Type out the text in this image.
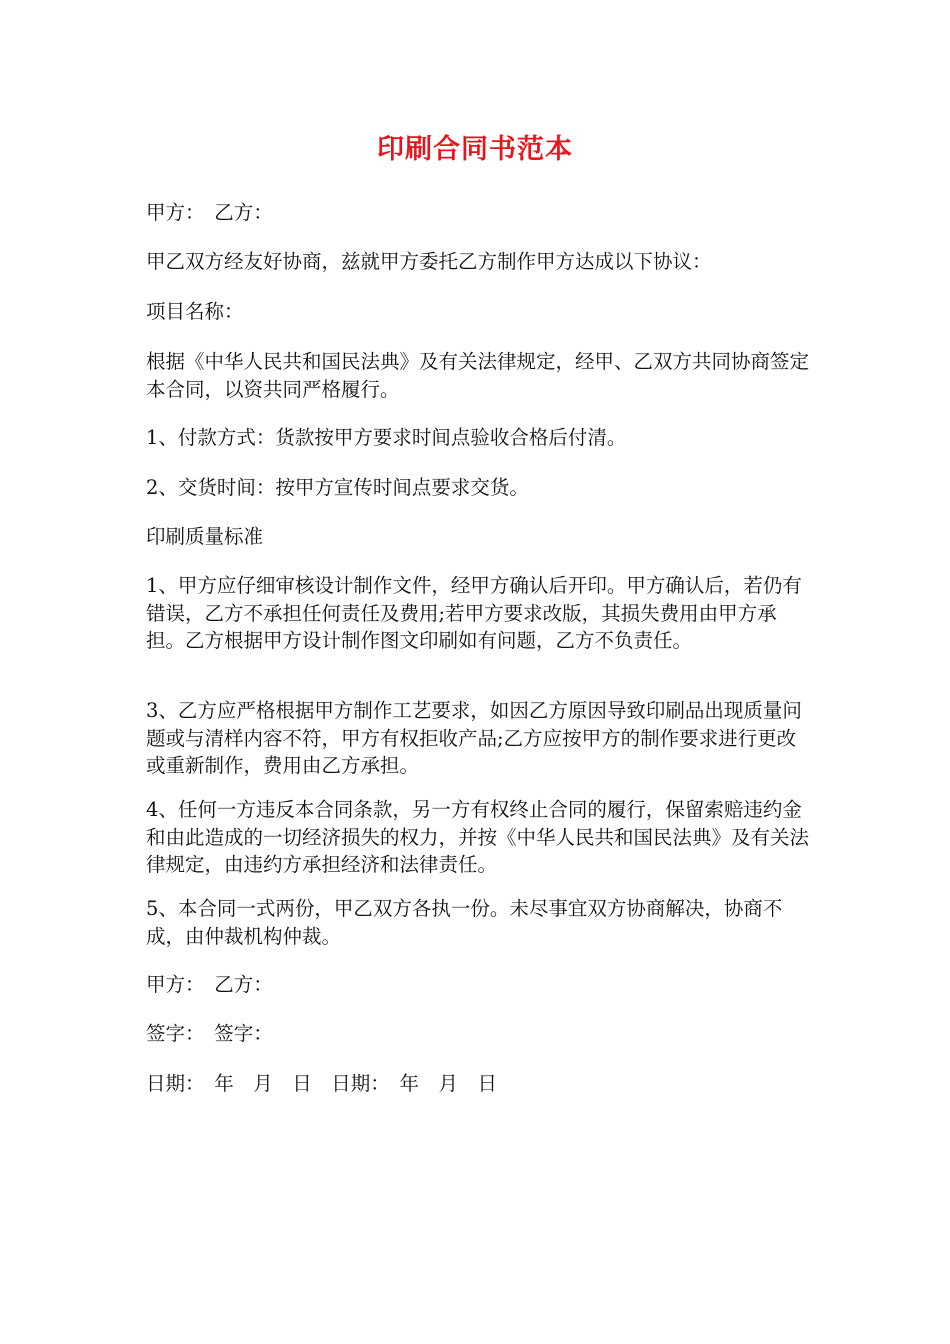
印刷合同书范本

甲方：　乙方：

甲乙双方经友好协商，兹就甲方委托乙方制作甲方达成以下协议：

项目名称：

根据《中华人民共和国民法典》及有关法律规定，经甲、乙双方共同协商签定本合同，以资共同严格履行。

1、付款方式：货款按甲方要求时间点验收合格后付清。

2、交货时间：按甲方宣传时间点要求交货。

印刷质量标准

1、甲方应仔细审核设计制作文件，经甲方确认后开印。甲方确认后，若仍有错误，乙方不承担任何责任及费用;若甲方要求改版，其损失费用由甲方承担。乙方根据甲方设计制作图文印刷如有问题，乙方不负责任。

3、乙方应严格根据甲方制作工艺要求，如因乙方原因导致印刷品出现质量问题或与清样内容不符，甲方有权拒收产品;乙方应按甲方的制作要求进行更改或重新制作，费用由乙方承担。

4、任何一方违反本合同条款，另一方有权终止合同的履行，保留索赔违约金和由此造成的一切经济损失的权力，并按《中华人民共和国民法典》及有关法律规定，由违约方承担经济和法律责任。

5、本合同一式两份，甲乙双方各执一份。未尽事宜双方协商解决，协商不成，由仲裁机构仲裁。

甲方：　乙方：

签字：　签字：

日期：　年　月　日　日期：　年　月　日
